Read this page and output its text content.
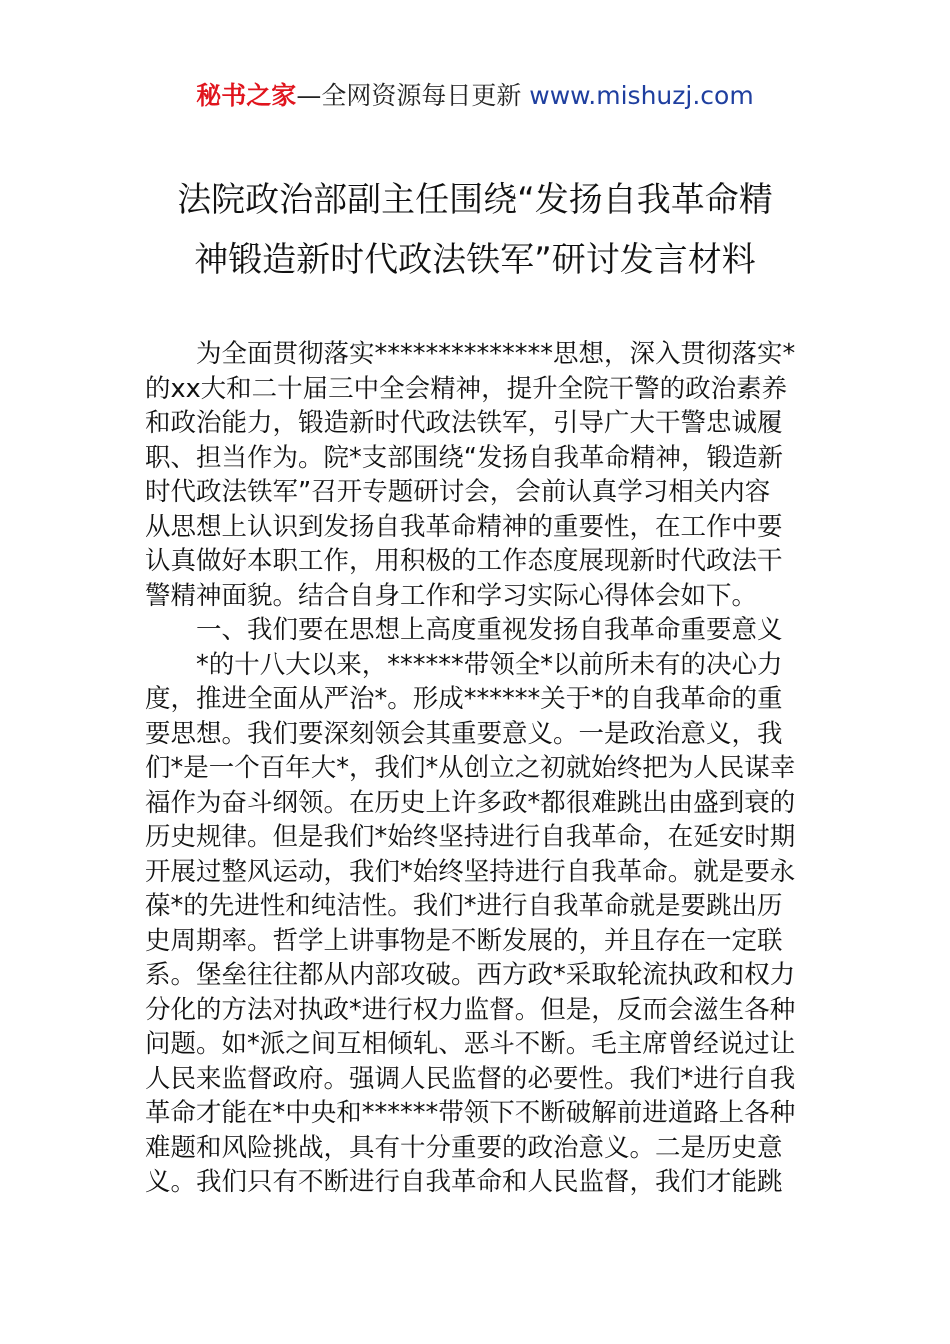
秘书之家—全网资源每日更新 www.mishuzj.com
法院政治部副主任围绕“发扬自我革命精
神锻造新时代政法铁军”研讨发言材料
　　为全面贯彻落实**************思想，深入贯彻落实*
的xx大和二十届三中全会精神，提升全院干警的政治素养
和政治能力，锻造新时代政法铁军，引导广大干警忠诚履
职、担当作为。院*支部围绕“发扬自我革命精神，锻造新
时代政法铁军”召开专题研讨会，会前认真学习相关内容
从思想上认识到发扬自我革命精神的重要性，在工作中要
认真做好本职工作，用积极的工作态度展现新时代政法干
警精神面貌。结合自身工作和学习实际心得体会如下。
　　一、我们要在思想上高度重视发扬自我革命重要意义
　　*的十八大以来，******带领全*以前所未有的决心力
度，推进全面从严治*。形成******关于*的自我革命的重
要思想。我们要深刻领会其重要意义。一是政治意义，我
们*是一个百年大*，我们*从创立之初就始终把为人民谋幸
福作为奋斗纲领。在历史上许多政*都很难跳出由盛到衰的
历史规律。但是我们*始终坚持进行自我革命，在延安时期
开展过整风运动，我们*始终坚持进行自我革命。就是要永
葆*的先进性和纯洁性。我们*进行自我革命就是要跳出历
史周期率。哲学上讲事物是不断发展的，并且存在一定联
系。堡垒往往都从内部攻破。西方政*采取轮流执政和权力
分化的方法对执政*进行权力监督。但是，反而会滋生各种
问题。如*派之间互相倾轧、恶斗不断。毛主席曾经说过让
人民来监督政府。强调人民监督的必要性。我们*进行自我
革命才能在*中央和******带领下不断破解前进道路上各种
难题和风险挑战，具有十分重要的政治意义。二是历史意
义。我们只有不断进行自我革命和人民监督，我们才能跳
